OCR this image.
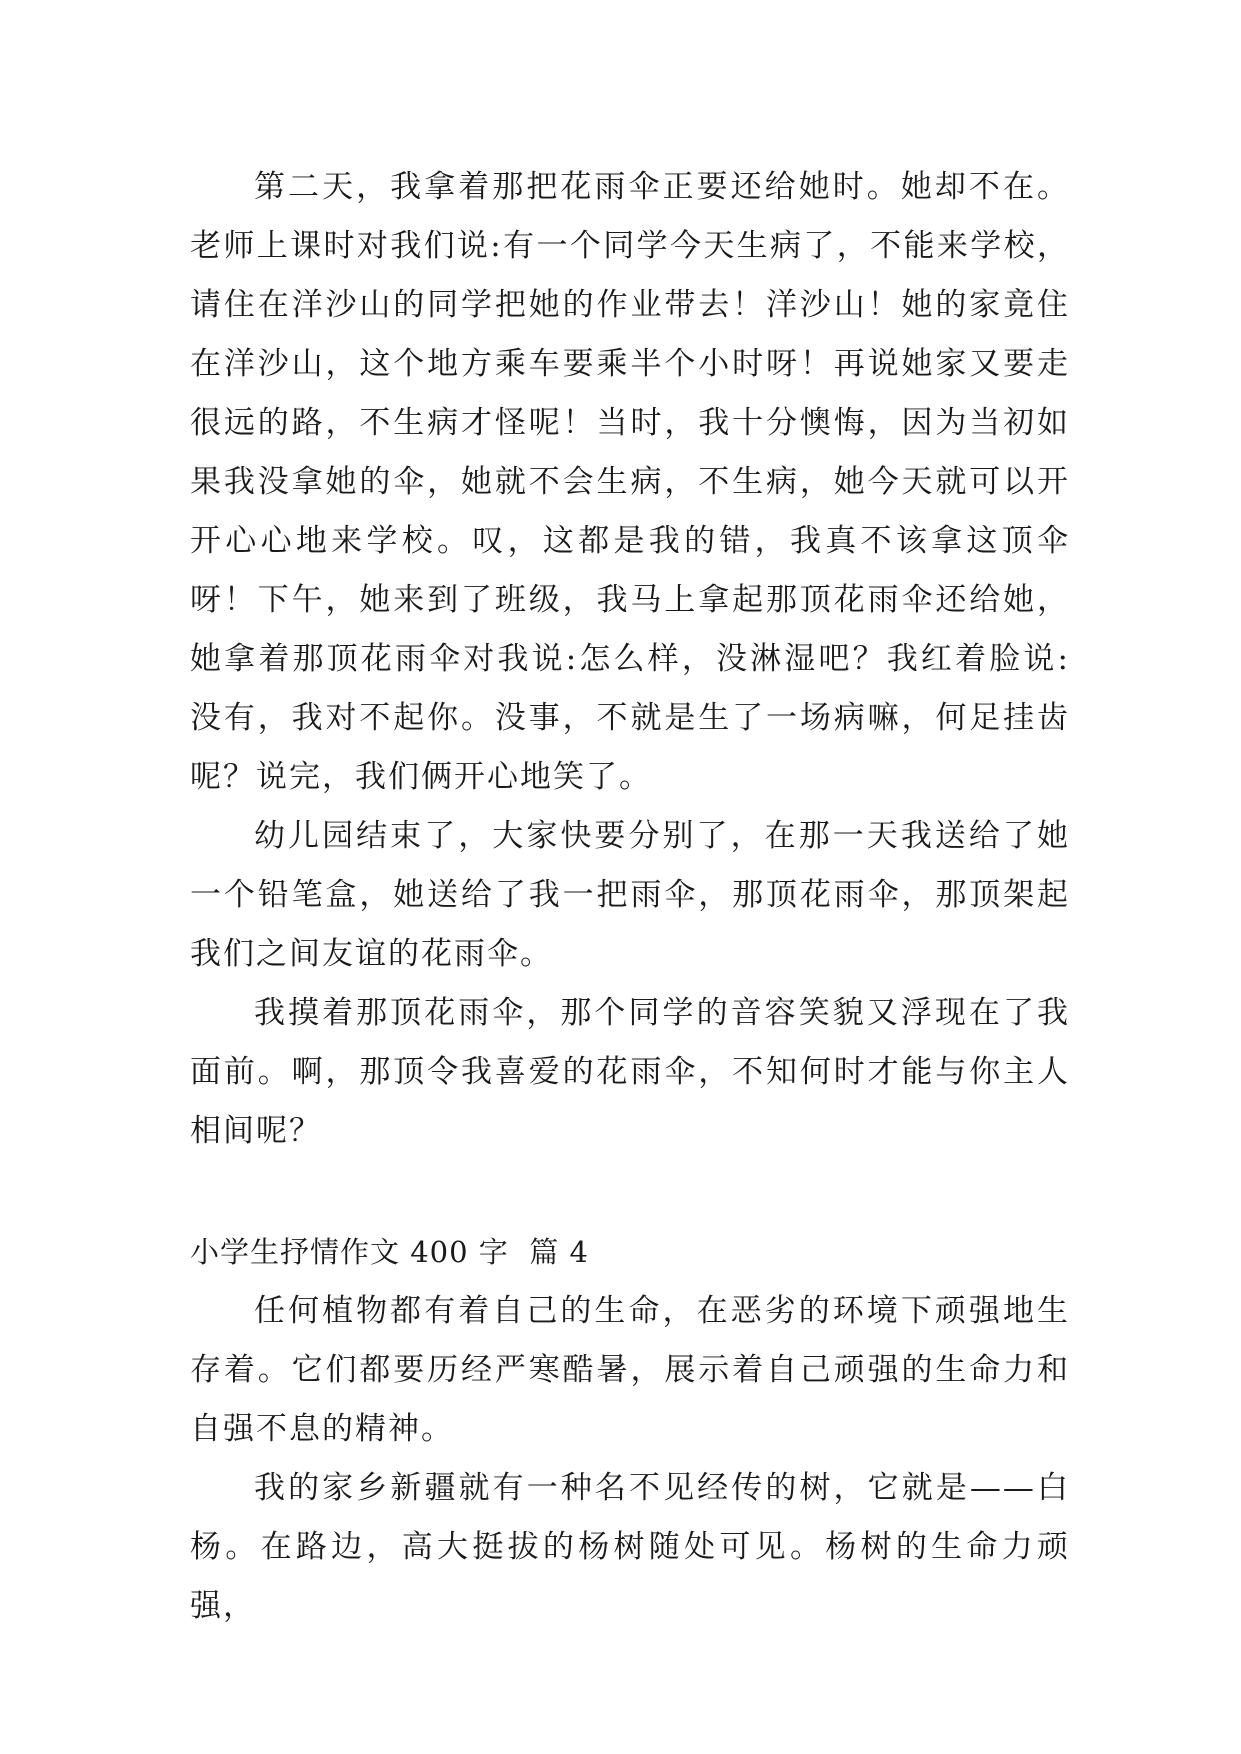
第二天，我拿着那把花雨伞正要还给她时。她却不在。老师上课时对我们说:有一个同学今天生病了，不能来学校，请住在洋沙山的同学把她的作业带去！洋沙山！她的家竟住在洋沙山，这个地方乘车要乘半个小时呀！再说她家又要走很远的路，不生病才怪呢！当时，我十分懊悔，因为当初如果我没拿她的伞，她就不会生病，不生病，她今天就可以开开心心地来学校。叹，这都是我的错，我真不该拿这顶伞呀！下午，她来到了班级，我马上拿起那顶花雨伞还给她，她拿着那顶花雨伞对我说:怎么样，没淋湿吧？我红着脸说:没有，我对不起你。没事，不就是生了一场病嘛，何足挂齿呢？说完，我们俩开心地笑了。

幼儿园结束了，大家快要分别了，在那一天我送给了她一个铅笔盒，她送给了我一把雨伞，那顶花雨伞，那顶架起我们之间友谊的花雨伞。

我摸着那顶花雨伞，那个同学的音容笑貌又浮现在了我面前。啊，那顶令我喜爱的花雨伞，不知何时才能与你主人相间呢？

小学生抒情作文 400 字  篇 4

任何植物都有着自己的生命，在恶劣的环境下顽强地生存着。它们都要历经严寒酷暑，展示着自己顽强的生命力和自强不息的精神。

我的家乡新疆就有一种名不见经传的树，它就是——白杨。在路边，高大挺拔的杨树随处可见。杨树的生命力顽强，
